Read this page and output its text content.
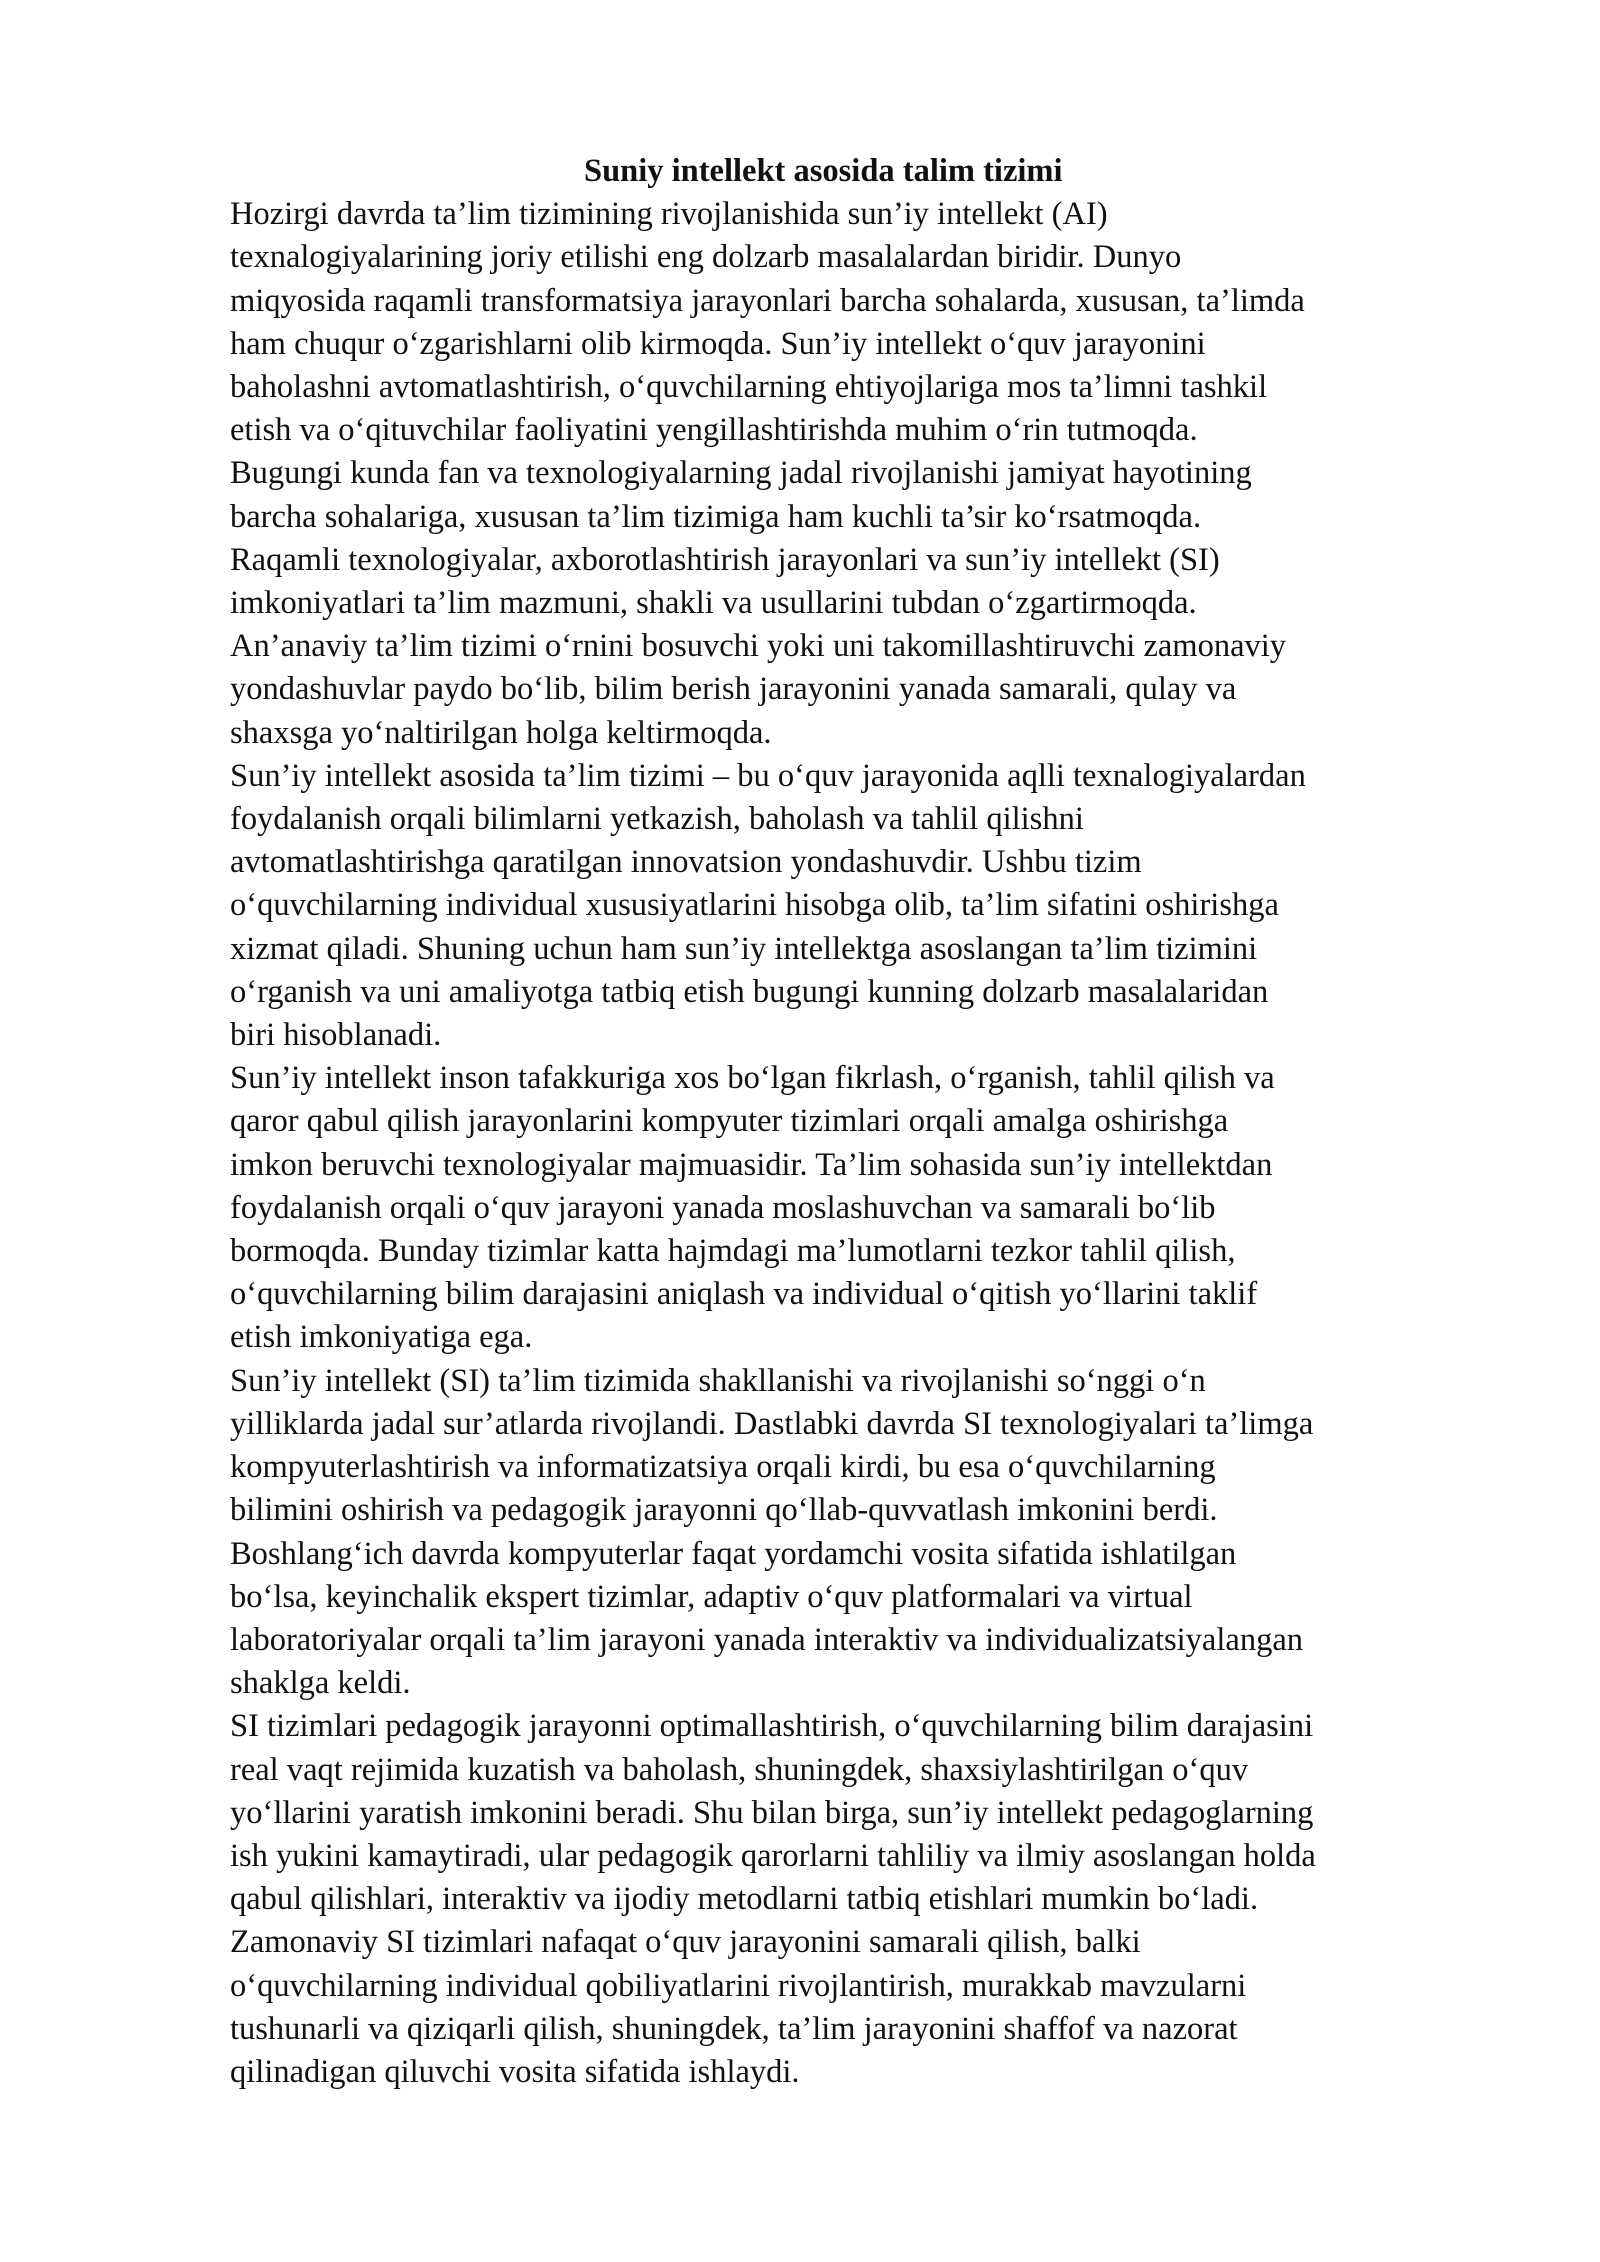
Suniy intellekt asosida talim tizimi

Hozirgi davrda ta’lim tizimining rivojlanishida sun’iy intellekt (AI)
texnalogiyalarining joriy etilishi eng dolzarb masalalardan biridir. Dunyo
miqyosida raqamli transformatsiya jarayonlari barcha sohalarda, xususan, ta’limda
ham chuqur o‘zgarishlarni olib kirmoqda. Sun’iy intellekt o‘quv jarayonini
baholashni avtomatlashtirish, o‘quvchilarning ehtiyojlariga mos ta’limni tashkil
etish va o‘qituvchilar faoliyatini yengillashtirishda muhim o‘rin tutmoqda.

Bugungi kunda fan va texnologiyalarning jadal rivojlanishi jamiyat hayotining
barcha sohalariga, xususan ta’lim tizimiga ham kuchli ta’sir ko‘rsatmoqda.
Raqamli texnologiyalar, axborotlashtirish jarayonlari va sun’iy intellekt (SI)
imkoniyatlari ta’lim mazmuni, shakli va usullarini tubdan o‘zgartirmoqda.
An’anaviy ta’lim tizimi o‘rnini bosuvchi yoki uni takomillashtiruvchi zamonaviy
yondashuvlar paydo bo‘lib, bilim berish jarayonini yanada samarali, qulay va
shaxsga yo‘naltirilgan holga keltirmoqda.

Sun’iy intellekt asosida ta’lim tizimi – bu o‘quv jarayonida aqlli texnalogiyalardan
foydalanish orqali bilimlarni yetkazish, baholash va tahlil qilishni
avtomatlashtirishga qaratilgan innovatsion yondashuvdir. Ushbu tizim
o‘quvchilarning individual xususiyatlarini hisobga olib, ta’lim sifatini oshirishga
xizmat qiladi. Shuning uchun ham sun’iy intellektga asoslangan ta’lim tizimini
o‘rganish va uni amaliyotga tatbiq etish bugungi kunning dolzarb masalalaridan
biri hisoblanadi.

Sun’iy intellekt inson tafakkuriga xos bo‘lgan fikrlash, o‘rganish, tahlil qilish va
qaror qabul qilish jarayonlarini kompyuter tizimlari orqali amalga oshirishga
imkon beruvchi texnologiyalar majmuasidir. Ta’lim sohasida sun’iy intellektdan
foydalanish orqali o‘quv jarayoni yanada moslashuvchan va samarali bo‘lib
bormoqda. Bunday tizimlar katta hajmdagi ma’lumotlarni tezkor tahlil qilish,
o‘quvchilarning bilim darajasini aniqlash va individual o‘qitish yo‘llarini taklif
etish imkoniyatiga ega.

Sun’iy intellekt (SI) ta’lim tizimida shakllanishi va rivojlanishi so‘nggi o‘n
yilliklarda jadal sur’atlarda rivojlandi. Dastlabki davrda SI texnologiyalari ta’limga
kompyuterlashtirish va informatizatsiya orqali kirdi, bu esa o‘quvchilarning
bilimini oshirish va pedagogik jarayonni qo‘llab-quvvatlash imkonini berdi.
Boshlang‘ich davrda kompyuterlar faqat yordamchi vosita sifatida ishlatilgan
bo‘lsa, keyinchalik ekspert tizimlar, adaptiv o‘quv platformalari va virtual
laboratoriyalar orqali ta’lim jarayoni yanada interaktiv va individualizatsiyalangan
shaklga keldi.

SI tizimlari pedagogik jarayonni optimallashtirish, o‘quvchilarning bilim darajasini
real vaqt rejimida kuzatish va baholash, shuningdek, shaxsiylashtirilgan o‘quv
yo‘llarini yaratish imkonini beradi. Shu bilan birga, sun’iy intellekt pedagoglarning
ish yukini kamaytiradi, ular pedagogik qarorlarni tahliliy va ilmiy asoslangan holda
qabul qilishlari, interaktiv va ijodiy metodlarni tatbiq etishlari mumkin bo‘ladi.
Zamonaviy SI tizimlari nafaqat o‘quv jarayonini samarali qilish, balki
o‘quvchilarning individual qobiliyatlarini rivojlantirish, murakkab mavzularni
tushunarli va qiziqarli qilish, shuningdek, ta’lim jarayonini shaffof va nazorat
qilinadigan qiluvchi vosita sifatida ishlaydi.
